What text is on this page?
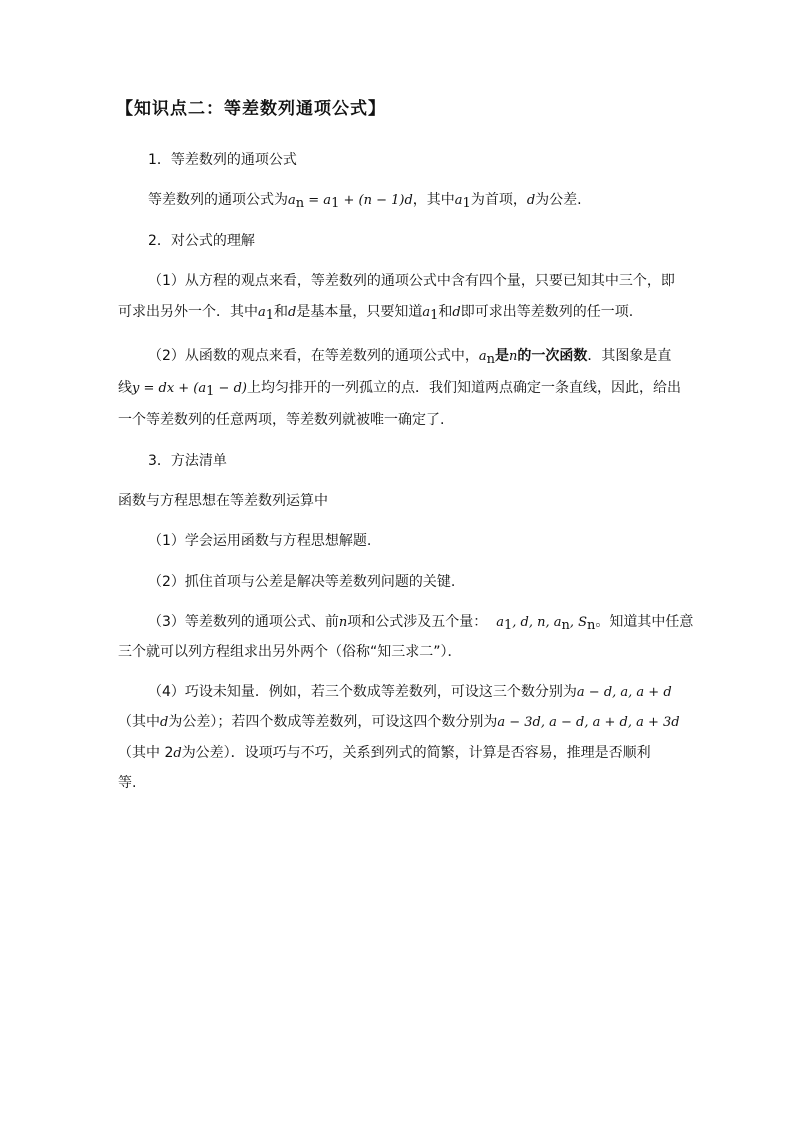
【知识点二：等差数列通项公式】
1．等差数列的通项公式
等差数列的通项公式为$a_n = a_1 + (n - 1)d$，其中$a_1$为首项，d为公差.
2．对公式的理解
（1）从方程的观点来看，等差数列的通项公式中含有四个量，只要已知其中三个，即
可求出另外一个．其中$a_1$和d是基本量，只要知道$a_1$和d即可求出等差数列的任一项.
（2）从函数的观点来看，在等差数列的通项公式中，$a_n$是n的一次函数．其图象是直
线y = dx + $(a_1 - d)$上均匀排开的一列孤立的点．我们知道两点确定一条直线，因此，给出
一个等差数列的任意两项，等差数列就被唯一确定了.
3．方法清单
函数与方程思想在等差数列运算中
（1）学会运用函数与方程思想解题.
（2）抓住首项与公差是解决等差数列问题的关键.
（3）等差数列的通项公式、前n项和公式涉及五个量： $a_1$, d, n, $a_n$, $S_n$。知道其中任意
三个就可以列方程组求出另外两个（俗称“知三求二”）．
（4）巧设未知量．例如，若三个数成等差数列，可设这三个数分别为a − d, a, a + d
（其中d为公差）；若四个数成等差数列，可设这四个数分别为a − 3d, a − d, a + d, a + 3d
（其中 2d为公差）．设项巧与不巧，关系到列式的简繁，计算是否容易，推理是否顺利
等.
